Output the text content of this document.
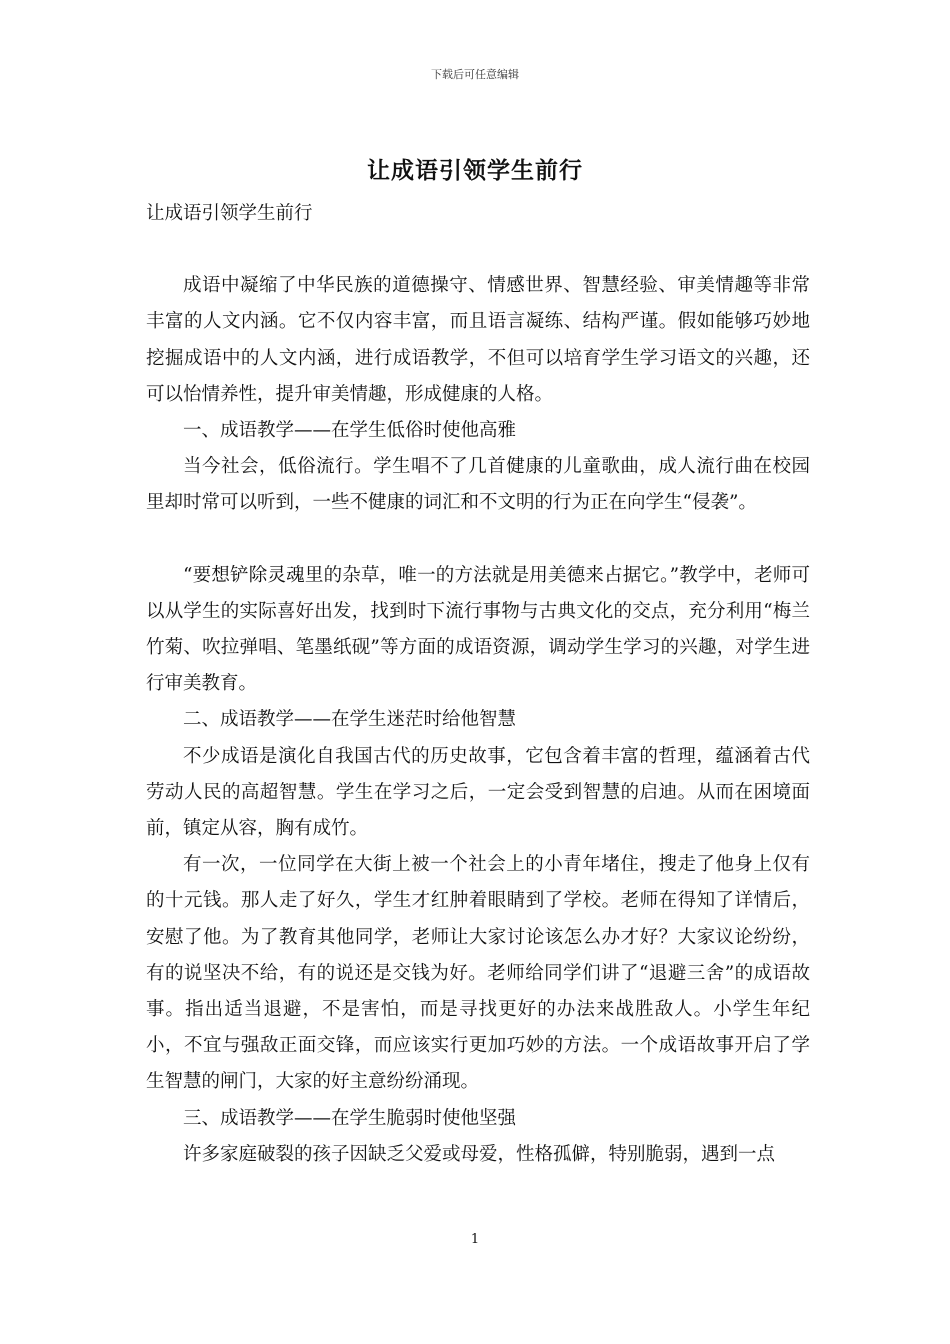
下载后可任意编辑
让成语引领学生前行

让成语引领学生前行

成语中凝缩了中华民族的道德操守、情感世界、智慧经验、审美情趣等非常丰富的人文内涵。它不仅内容丰富，而且语言凝练、结构严谨。假如能够巧妙地挖掘成语中的人文内涵，进行成语教学，不但可以培育学生学习语文的兴趣，还可以怡情养性，提升审美情趣，形成健康的人格。

一、成语教学——在学生低俗时使他高雅

当今社会，低俗流行。学生唱不了几首健康的儿童歌曲，成人流行曲在校园里却时常可以听到，一些不健康的词汇和不文明的行为正在向学生“侵袭”。

“要想铲除灵魂里的杂草，唯一的方法就是用美德来占据它。”教学中，老师可以从学生的实际喜好出发，找到时下流行事物与古典文化的交点，充分利用“梅兰竹菊、吹拉弹唱、笔墨纸砚”等方面的成语资源，调动学生学习的兴趣，对学生进行审美教育。

二、成语教学——在学生迷茫时给他智慧

不少成语是演化自我国古代的历史故事，它包含着丰富的哲理，蕴涵着古代劳动人民的高超智慧。学生在学习之后，一定会受到智慧的启迪。从而在困境面前，镇定从容，胸有成竹。

有一次，一位同学在大街上被一个社会上的小青年堵住，搜走了他身上仅有的十元钱。那人走了好久，学生才红肿着眼睛到了学校。老师在得知了详情后，安慰了他。为了教育其他同学，老师让大家讨论该怎么办才好？大家议论纷纷，有的说坚决不给，有的说还是交钱为好。老师给同学们讲了“退避三舍”的成语故事。指出适当退避，不是害怕，而是寻找更好的办法来战胜敌人。小学生年纪小，不宜与强敌正面交锋，而应该实行更加巧妙的方法。一个成语故事开启了学生智慧的闸门，大家的好主意纷纷涌现。

三、成语教学——在学生脆弱时使他坚强

许多家庭破裂的孩子因缺乏父爱或母爱，性格孤僻，特别脆弱，遇到一点

1
